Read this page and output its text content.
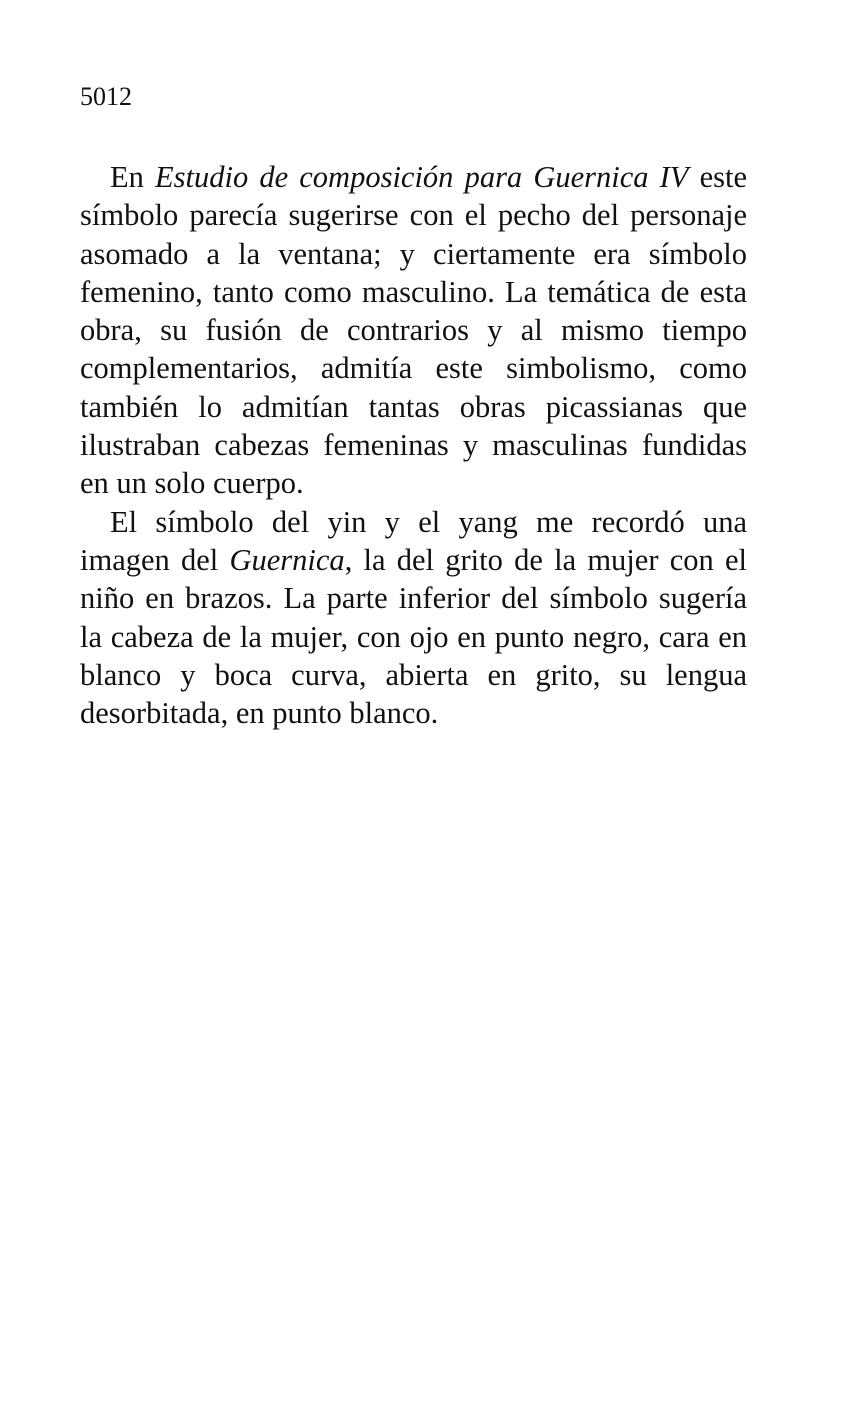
5012

En Estudio de composición para Guernica IV este símbolo parecía sugerirse con el pecho del personaje asomado a la ventana; y ciertamente era símbolo femenino, tanto como masculino. La temática de esta obra, su fusión de contrarios y al mismo tiempo complementarios, admitía este simbolismo, como también lo admitían tantas obras picassianas que ilustraban cabezas femeninas y masculinas fundidas en un solo cuerpo.

El símbolo del yin y el yang me recordó una imagen del Guernica, la del grito de la mujer con el niño en brazos. La parte inferior del símbolo sugería la cabeza de la mujer, con ojo en punto negro, cara en blanco y boca curva, abierta en grito, su lengua desorbitada, en punto blanco.
